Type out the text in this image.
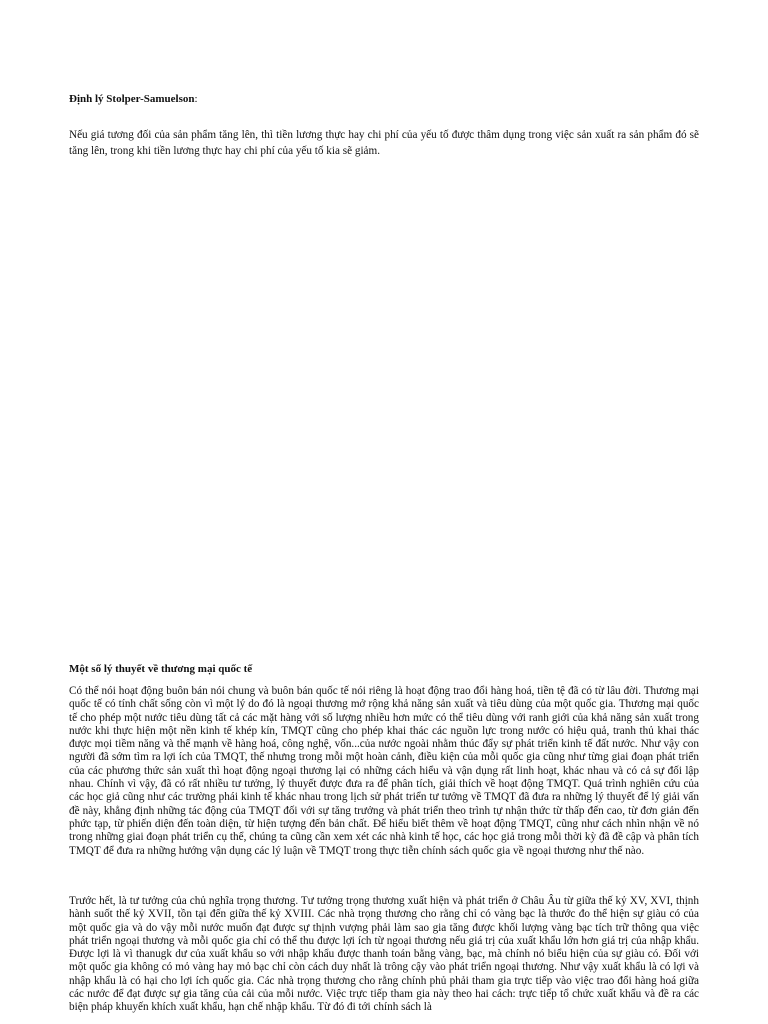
Định lý Stolper-Samuelson:

Nếu giá tương đối của sản phẩm tăng lên, thì tiền lương thực hay chi phí của yếu tố được thâm dụng trong việc sản xuất ra sản phẩm đó sẽ tăng lên, trong khi tiền lương thực hay chi phí của yếu tố kia sẽ giảm.

Một số lý thuyết về thương mại quốc tế

Có thể nói hoạt động buôn bán nói chung và buôn bán quốc tế nói riêng là hoạt động trao đổi hàng hoá, tiền tệ đã có từ lâu đời. Thương mại quốc tế có tính chất sống còn vì một lý do đó là ngoại thương mở rộng khả năng sản xuất và tiêu dùng của một quốc gia. Thương mại quốc tế cho phép một nước tiêu dùng tất cả các mặt hàng với số lượng nhiều hơn mức có thể tiêu dùng với ranh giới của khả năng sản xuất trong nước khi thực hiện một nền kinh tế khép kín, TMQT cũng cho phép khai thác các nguồn lực trong nước có hiệu quả, tranh thủ khai thác được mọi tiềm năng và thế mạnh về hàng hoá, công nghệ, vốn...của nước ngoài nhằm thúc đẩy sự phát triển kinh tế đất nước. Như vậy con người đã sớm tìm ra lợi ích của TMQT, thế nhưng trong mỗi một hoàn cảnh, điều kiện của mỗi quốc gia cũng như từng giai đoạn phát triển của các phương thức sản xuất thì hoạt động ngoại thương lại có những cách hiểu và vận dụng rất linh hoạt, khác nhau và có cả sự đối lập nhau. Chính vì vậy, đã có rất nhiều tư tưởng, lý thuyết được đưa ra để phân tích, giải thích về hoạt động TMQT. Quá trình nghiên cứu của các học giả cũng như các trường phái kinh tế khác nhau trong lịch sử phát triển tư tưởng về TMQT đã đưa ra những lý thuyết để lý giải vấn đề này, khẳng định những tác động của TMQT đối với sự tăng trưởng và phát triển theo trình tự nhận thức từ thấp đến cao, từ đơn giản đến phức tạp, từ phiến diện đến toàn diện, từ hiện tượng đến bản chất. Để hiểu biết thêm về hoạt động TMQT, cũng như cách nhìn nhận về nó trong những giai đoạn phát triển cụ thể, chúng ta cũng cần xem xét các nhà kinh tế học, các học giả trong mỗi thời kỳ đã đề cập và phân tích TMQT để đưa ra những hướng vận dụng các lý luận về TMQT trong thực tiễn chính sách quốc gia về ngoại thương như thế nào.

Trước hết, là tư tưởng của chủ nghĩa trọng thương. Tư tưởng trọng thương xuất hiện và phát triển ở Châu Âu từ giữa thế kỷ XV, XVI, thịnh hành suốt thế kỷ XVII, tồn tại đến giữa thế kỷ XVIII. Các nhà trọng thương cho rằng chỉ có vàng bạc là thước đo thể hiện sự giàu có của một quốc gia và do vậy mỗi nước muốn đạt được sự thịnh vượng phải làm sao gia tăng được khối lượng vàng bạc tích trữ thông qua việc phát triển ngoại thương và mỗi quốc gia chỉ có thể thu được lợi ích từ ngoại thương nếu giá trị của xuất khẩu lớn hơn giá trị của nhập khẩu. Được lợi là vì thanugk dư của xuất khẩu so với nhập khẩu được thanh toán bằng vàng, bạc, mà chính nó biểu hiện của sự giàu có. Đối với một quốc gia không có mỏ vàng hay mỏ bạc chỉ còn cách duy nhất là trông cậy vào phát triển ngoại thương. Như vậy xuất khẩu là có lợi và nhập khẩu là có hại cho lợi ích quốc gia. Các nhà trọng thương cho rằng chính phủ phải tham gia trực tiếp vào việc trao đổi hàng hoá giữa các nước để đạt được sự gia tăng của cải của mỗi nước. Việc trực tiếp tham gia này theo hai cách: trực tiếp tổ chức xuất khẩu và đề ra các biện pháp khuyến khích xuất khẩu, hạn chế nhập khẩu. Từ đó đi tới chính sách là
